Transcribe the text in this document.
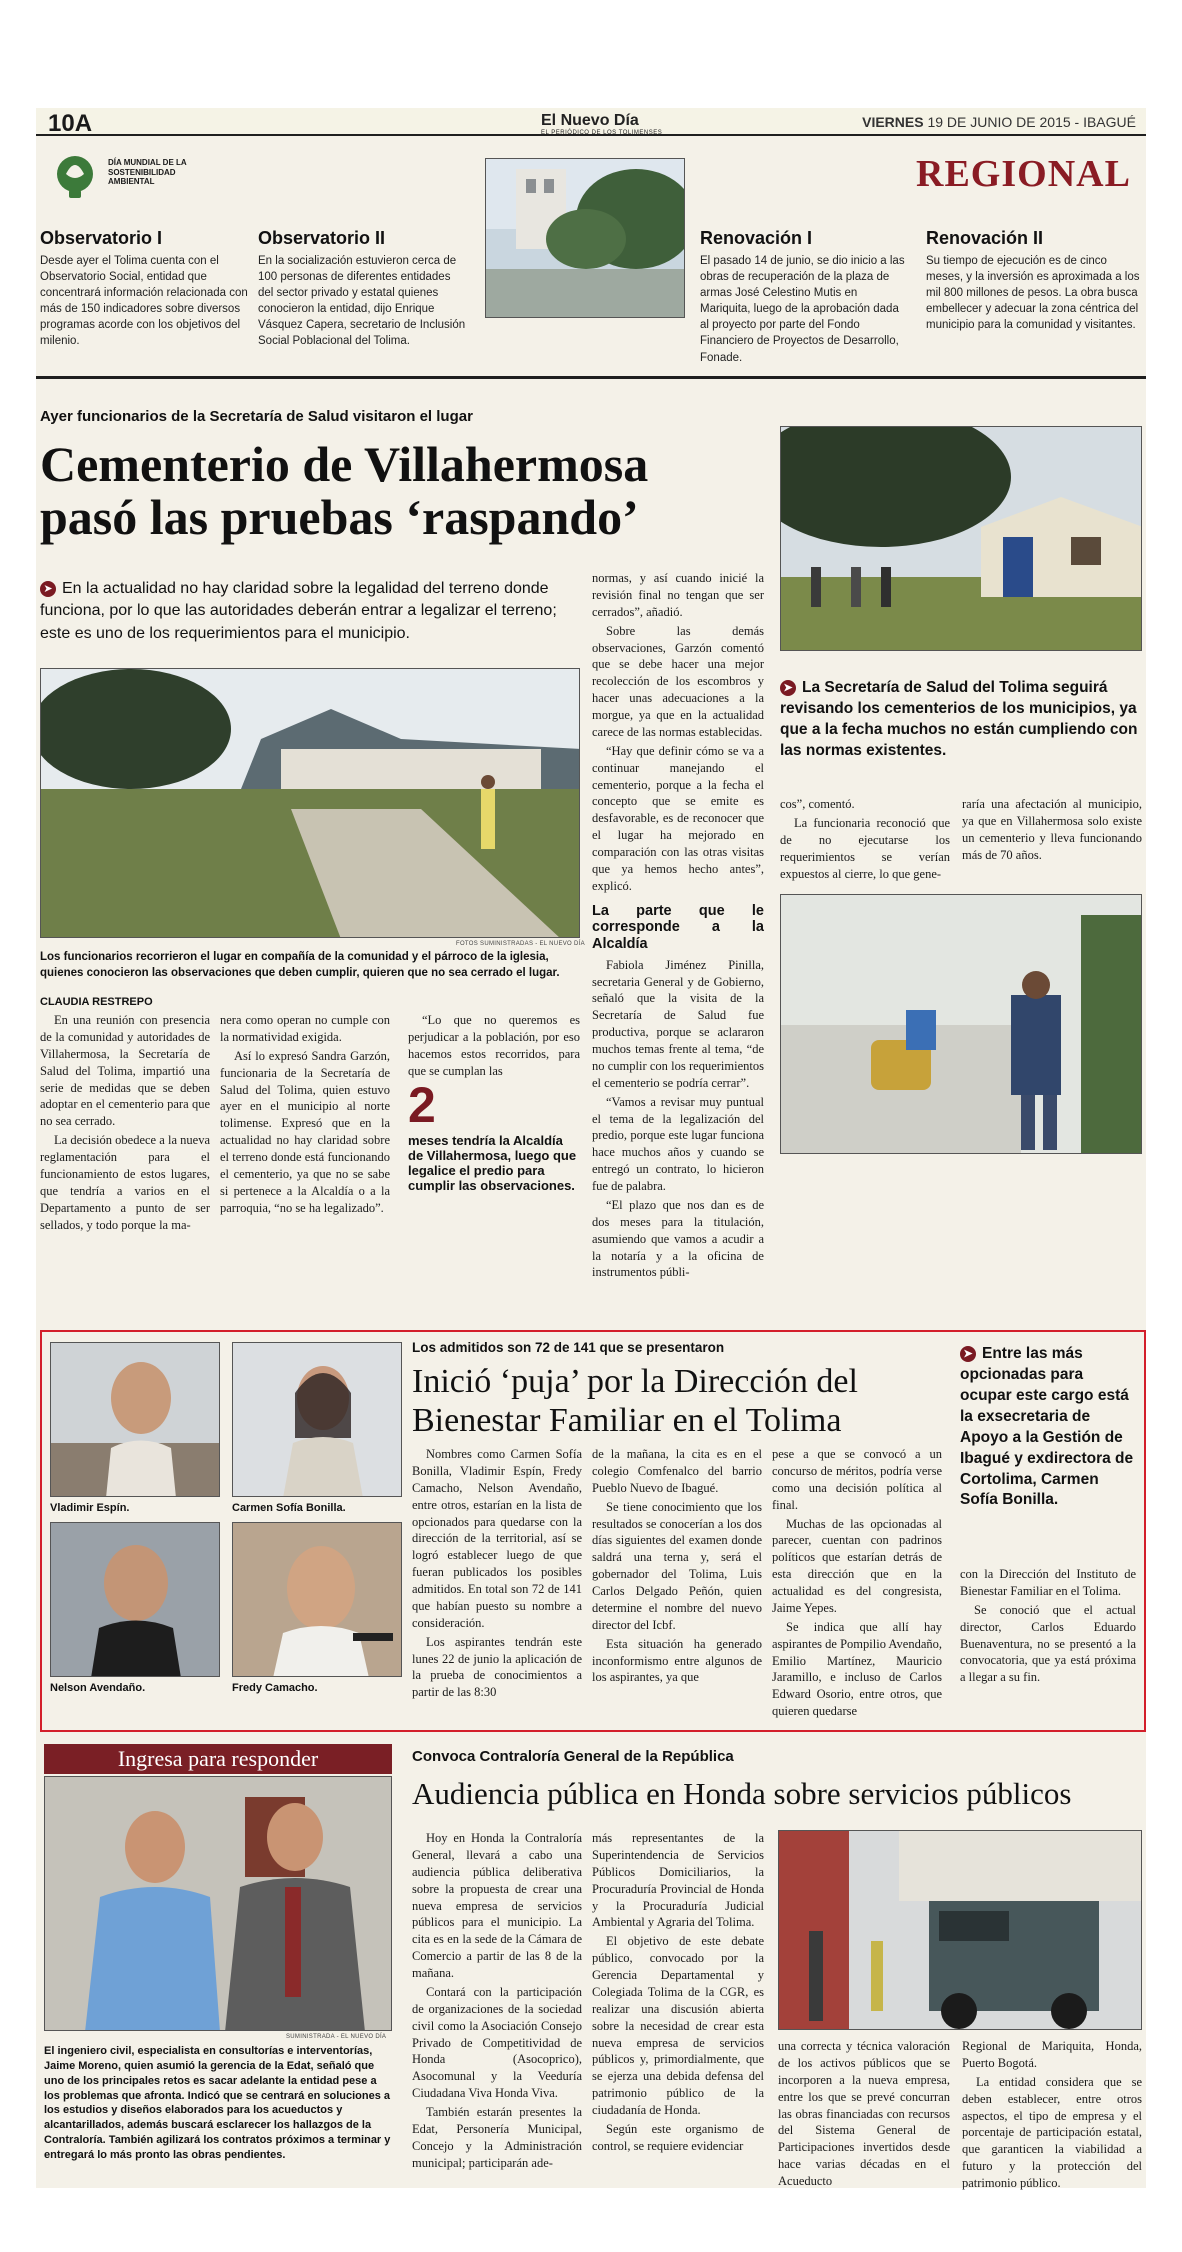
10A	El Nuevo Día
EL PERIÓDICO DE LOS TOLIMENSES
VIERNES 19 DE JUNIO DE 2015 - IBAGUÉ
DÍA MUNDIAL DE LA SOSTENIBILIDAD AMBIENTAL	REGIONAL
Observatorio I
Desde ayer el Tolima cuenta con el Observatorio Social, entidad que concentrará información relacionada con más de 150 indicadores sobre diversos programas acorde con los objetivos del milenio.
Observatorio II
En la socialización estuvieron cerca de 100 personas de diferentes entidades del sector privado y estatal quienes conocieron la entidad, dijo Enrique Vásquez Capera, secretario de Inclusión Social Poblacional del Tolima.
Renovación I
El pasado 14 de junio, se dio inicio a las obras de recuperación de la plaza de armas José Celestino Mutis en Mariquita, luego de la aprobación dada al proyecto por parte del Fondo Financiero de Proyectos de Desarrollo, Fonade.
Renovación II
Su tiempo de ejecución es de cinco meses, y la inversión es aproximada a los mil 800 millones de pesos. La obra busca embellecer y adecuar la zona céntrica del municipio para la comunidad y visitantes.
Ayer funcionarios de la Secretaría de Salud visitaron el lugar
Cementerio de Villahermosa
pasó las pruebas ‘raspando’
➤ En la actualidad no hay claridad sobre la legalidad del terreno donde funciona, por lo que las autoridades deberán entrar a legalizar el terreno; este es uno de los requerimientos para el municipio.
FOTOS SUMINISTRADAS - EL NUEVO DÍA
Los funcionarios recorrieron el lugar en compañía de la comunidad y el párroco de la iglesia, quienes conocieron las observaciones que deben cumplir, quieren que no sea cerrado el lugar.
CLAUDIA RESTREPO

En una reunión con presencia de la comunidad y autoridades de Villahermosa, la Secretaría de Salud del Tolima, impartió una serie de medidas que se deben adoptar en el cementerio para que no sea cerrado.

La decisión obedece a la nueva reglamentación para el funcionamiento de estos lugares, que tendría a varios en el Departamento a punto de ser sellados, y todo porque la ma-

nera como operan no cumple con la normatividad exigida.

Así lo expresó Sandra Garzón, funcionaria de la Secretaría de Salud del Tolima, quien estuvo ayer en el municipio al norte tolimense. Expresó que en la actualidad no hay claridad sobre el terreno donde está funcionando el cementerio, ya que no se sabe si pertenece a la Alcaldía o a la parroquia, “no se ha legalizado”.

“Lo que no queremos es perjudicar a la población, por eso hacemos estos recorridos, para que se cumplan las

2
meses tendría la Alcaldía de Villahermosa, luego que legalice el predio para cumplir las observaciones.

normas, y así cuando inicié la revisión final no tengan que ser cerrados”, añadió.

Sobre las demás observaciones, Garzón comentó que se debe hacer una mejor recolección de los escombros y hacer unas adecuaciones a la morgue, ya que en la actualidad carece de las normas establecidas.

“Hay que definir cómo se va a continuar manejando el cementerio, porque a la fecha el concepto que se emite es desfavorable, es de reconocer que el lugar ha mejorado en comparación con las otras visitas que ya hemos hecho antes”, explicó.

La parte que le corresponde a la Alcaldía

Fabiola Jiménez Pinilla, secretaria General y de Gobierno, señaló que la visita de la Secretaría de Salud fue productiva, porque se aclararon muchos temas frente al tema, “de no cumplir con los requerimientos el cementerio se podría cerrar”.

“Vamos a revisar muy puntual el tema de la legalización del predio, porque este lugar funciona hace muchos años y cuando se entregó un contrato, lo hicieron fue de palabra.

“El plazo que nos dan es de dos meses para la titulación, asumiendo que vamos a acudir a la notaría y a la oficina de instrumentos públi-

➤ La Secretaría de Salud del Tolima seguirá revisando los cementerios de los municipios, ya que a la fecha muchos no están cumpliendo con las normas existentes.

cos”, comentó.

La funcionaria reconoció que de no ejecutarse los requerimientos se verían expuestos al cierre, lo que gene-

raría una afectación al municipio, ya que en Villahermosa solo existe un cementerio y lleva funcionando más de 70 años.

Vladimir Espín.	Carmen Sofía Bonilla.
Nelson Avendaño.	Fredy Camacho.
Los admitidos son 72 de 141 que se presentaron
Inició ‘puja’ por la Dirección del
Bienestar Familiar en el Tolima

Nombres como Carmen Sofía Bonilla, Vladimir Espín, Fredy Camacho, Nelson Avendaño, entre otros, estarían en la lista de opcionados para quedarse con la dirección de la territorial, así se logró establecer luego de que fueran publicados los posibles admitidos. En total son 72 de 141 que habían puesto su nombre a consideración.

Los aspirantes tendrán este lunes 22 de junio la aplicación de la prueba de conocimientos a partir de las 8:30

de la mañana, la cita es en el colegio Comfenalco del barrio Pueblo Nuevo de Ibagué.

Se tiene conocimiento que los resultados se conocerían a los dos días siguientes del examen donde saldrá una terna y, será el gobernador del Tolima, Luis Carlos Delgado Peñón, quien determine el nombre del nuevo director del Icbf.

Esta situación ha generado inconformismo entre algunos de los aspirantes, ya que

pese a que se convocó a un concurso de méritos, podría verse como una decisión política al final.

Muchas de las opcionadas al parecer, cuentan con padrinos políticos que estarían detrás de esta dirección que en la actualidad es del congresista, Jaime Yepes.

Se indica que allí hay aspirantes de Pompilio Avendaño, Emilio Martínez, Mauricio Jaramillo, e incluso de Carlos Edward Osorio, entre otros, que quieren quedarse

➤ Entre las más opcionadas para ocupar este cargo está la exsecretaria de Apoyo a la Gestión de Ibagué y exdirectora de Cortolima, Carmen Sofía Bonilla.

con la Dirección del Instituto de Bienestar Familiar en el Tolima.

Se conoció que el actual director, Carlos Eduardo Buenaventura, no se presentó a la convocatoria, que ya está próxima a llegar a su fin.

Ingresa para responder
SUMINISTRADA - EL NUEVO DÍA
El ingeniero civil, especialista en consultorías e interventorías, Jaime Moreno, quien asumió la gerencia de la Edat, señaló que uno de los principales retos es sacar adelante la entidad pese a los problemas que afronta. Indicó que se centrará en soluciones a los estudios y diseños elaborados para los acueductos y alcantarillados, además buscará esclarecer los hallazgos de la Contraloría. También agilizará los contratos próximos a terminar y entregará lo más pronto las obras pendientes.
Convoca Contraloría General de la República
Audiencia pública en Honda sobre servicios públicos

Hoy en Honda la Contraloría General, llevará a cabo una audiencia pública deliberativa sobre la propuesta de crear una nueva empresa de servicios públicos para el municipio. La cita es en la sede de la Cámara de Comercio a partir de las 8 de la mañana.

Contará con la participación de organizaciones de la sociedad civil como la Asociación Consejo Privado de Competitividad de Honda (Asocoprico), Asocomunal y la Veeduría Ciudadana Viva Honda Viva.

También estarán presentes la Edat, Personería Municipal, Concejo y la Administración municipal; participarán ade-

más representantes de la Superintendencia de Servicios Públicos Domiciliarios, la Procuraduría Provincial de Honda y la Procuraduría Judicial Ambiental y Agraria del Tolima.

El objetivo de este debate público, convocado por la Gerencia Departamental y Colegiada Tolima de la CGR, es realizar una discusión abierta sobre la necesidad de crear esta nueva empresa de servicios públicos y, primordialmente, que se ejerza una debida defensa del patrimonio público de la ciudadanía de Honda.

Según este organismo de control, se requiere evidenciar

una correcta y técnica valoración de los activos públicos que se incorporen a la nueva empresa, entre los que se prevé concurran las obras financiadas con recursos del Sistema General de Participaciones invertidos desde hace varias décadas en el Acueducto

Regional de Mariquita, Honda, Puerto Bogotá.

La entidad considera que se deben establecer, entre otros aspectos, el tipo de empresa y el porcentaje de participación estatal, que garanticen la viabilidad a futuro y la protección del patrimonio público.
